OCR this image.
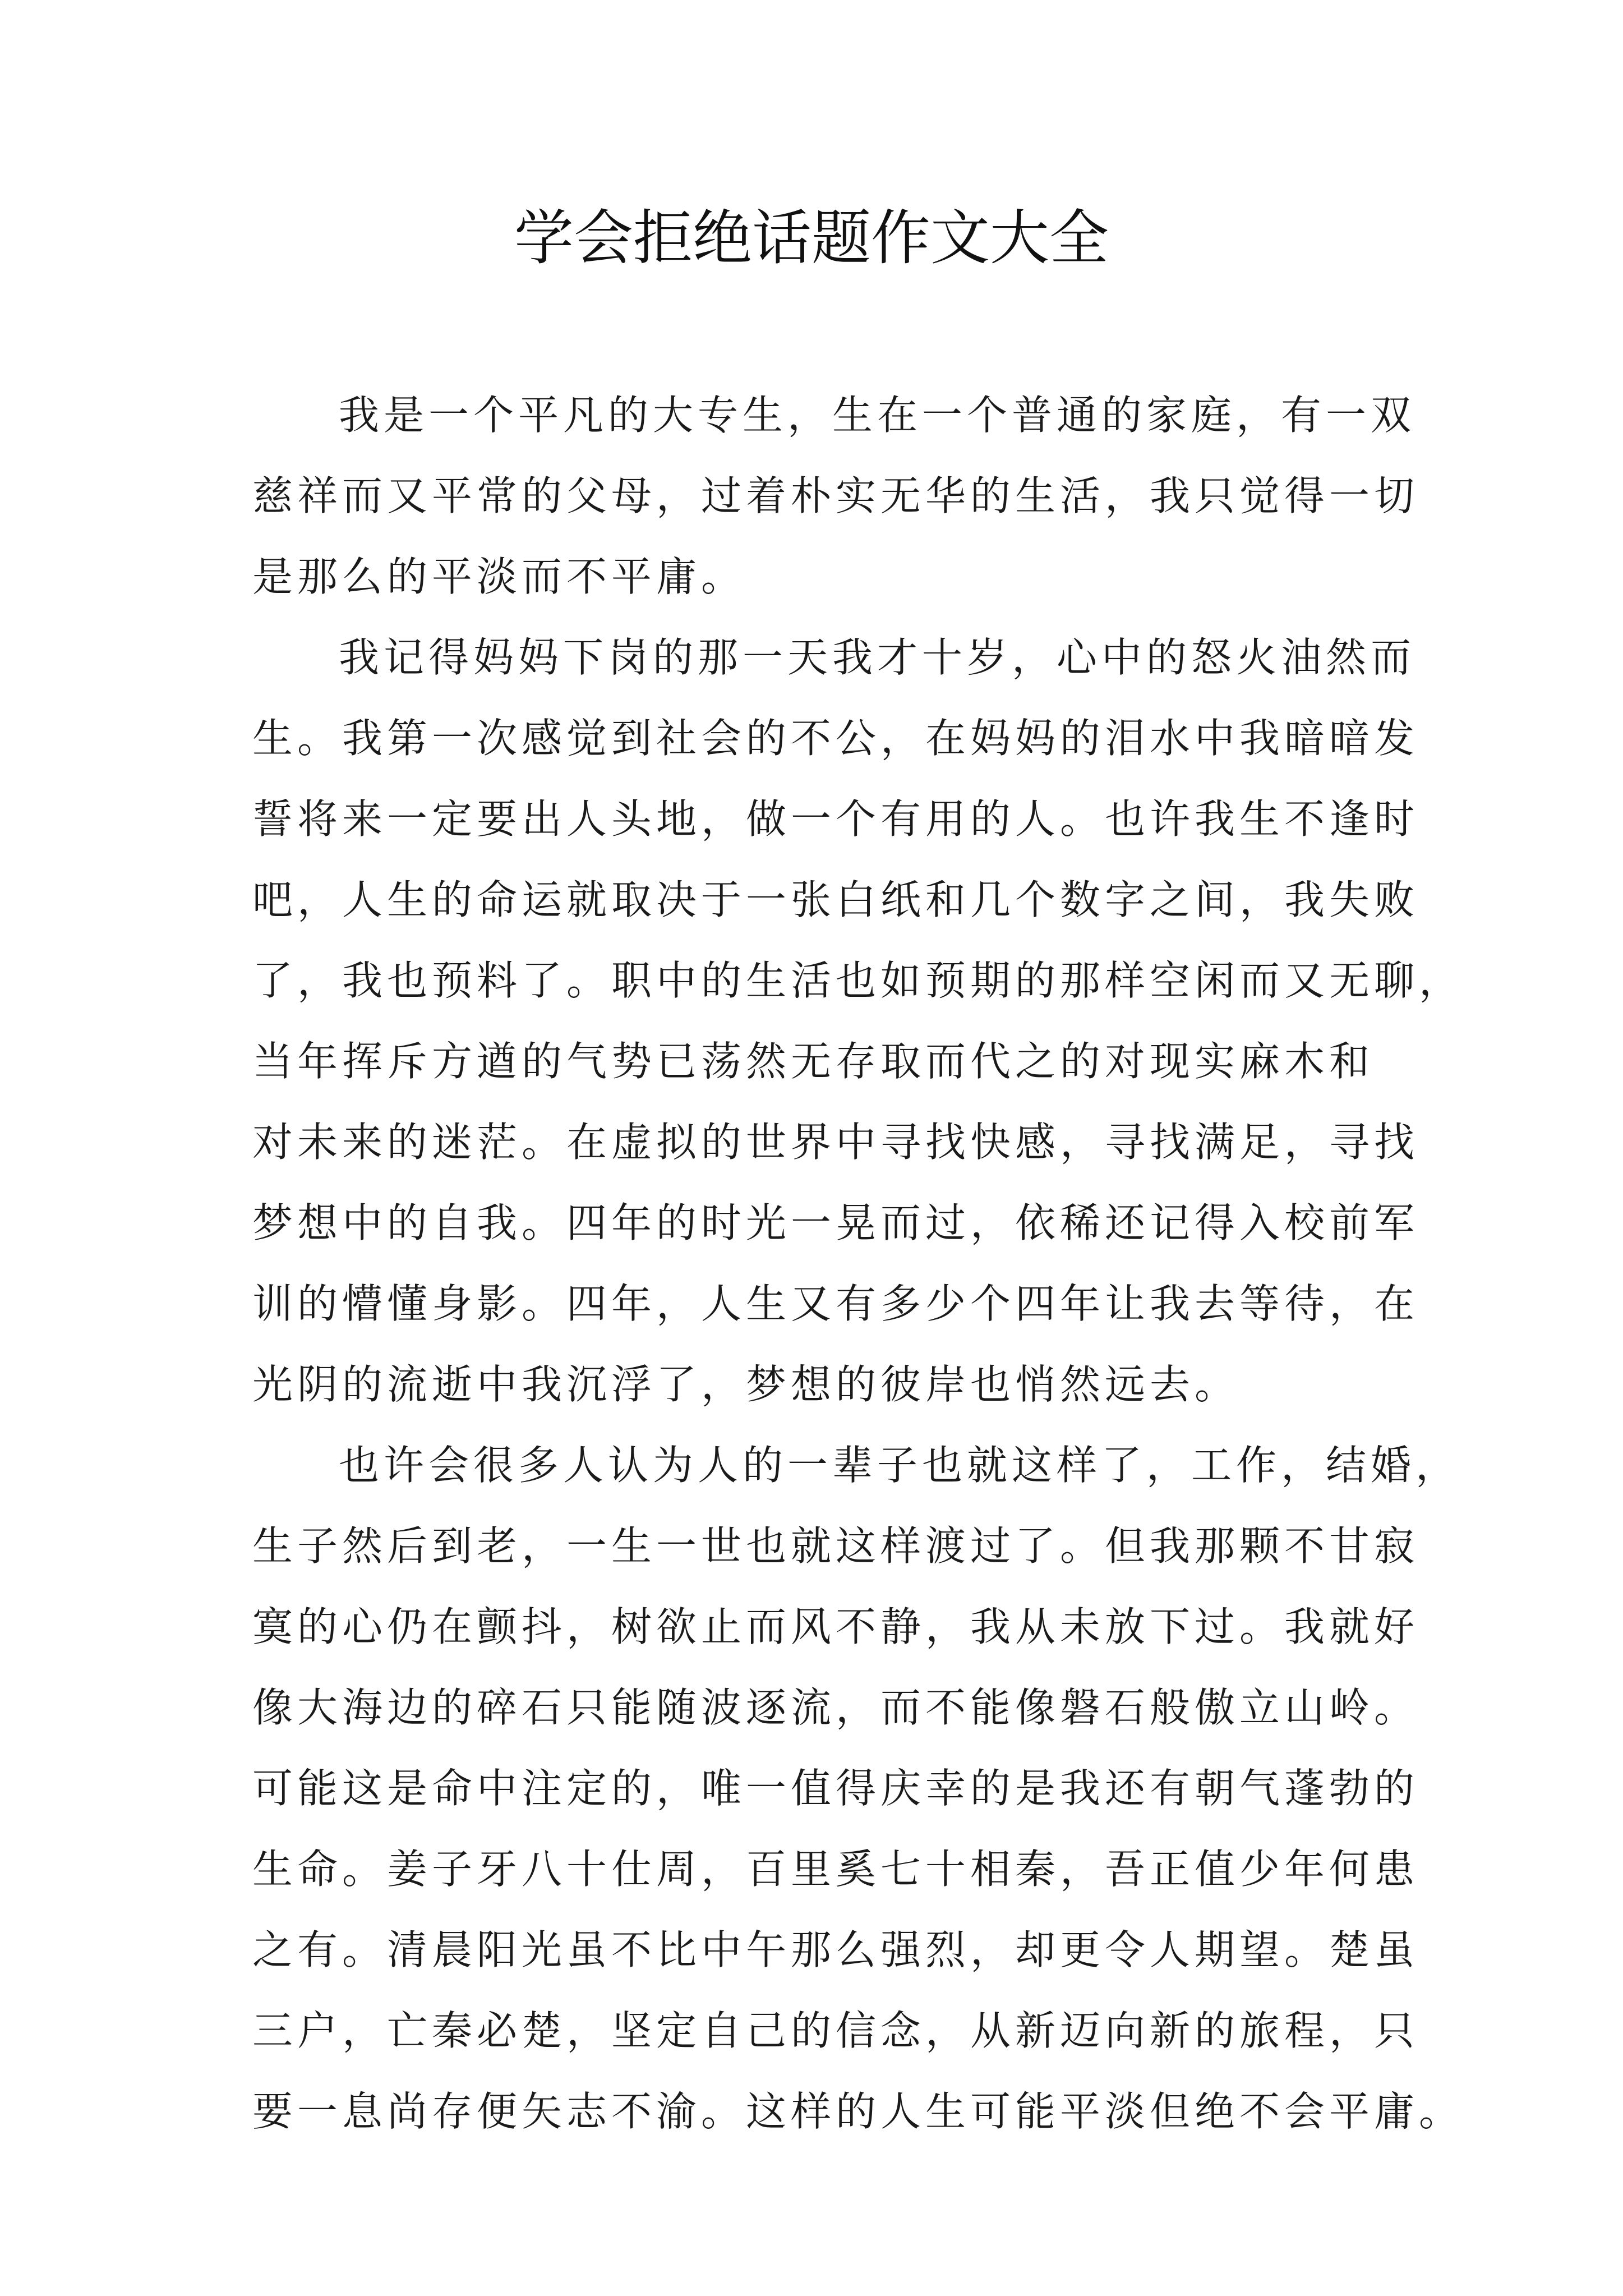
学会拒绝话题作文大全
我是一个平凡的大专生，生在一个普通的家庭，有一双
慈祥而又平常的父母，过着朴实无华的生活，我只觉得一切
是那么的平淡而不平庸。
我记得妈妈下岗的那一天我才十岁，心中的怒火油然而
生。我第一次感觉到社会的不公，在妈妈的泪水中我暗暗发
誓将来一定要出人头地，做一个有用的人。也许我生不逢时
吧，人生的命运就取决于一张白纸和几个数字之间，我失败
了，我也预料了。职中的生活也如预期的那样空闲而又无聊，
当年挥斥方遒的气势已荡然无存取而代之的对现实麻木和
对未来的迷茫。在虚拟的世界中寻找快感，寻找满足，寻找
梦想中的自我。四年的时光一晃而过，依稀还记得入校前军
训的懵懂身影。四年，人生又有多少个四年让我去等待，在
光阴的流逝中我沉浮了，梦想的彼岸也悄然远去。
也许会很多人认为人的一辈子也就这样了，工作，结婚，
生子然后到老，一生一世也就这样渡过了。但我那颗不甘寂
寞的心仍在颤抖，树欲止而风不静，我从未放下过。我就好
像大海边的碎石只能随波逐流，而不能像磐石般傲立山岭。
可能这是命中注定的，唯一值得庆幸的是我还有朝气蓬勃的
生命。姜子牙八十仕周，百里奚七十相秦，吾正值少年何患
之有。清晨阳光虽不比中午那么强烈，却更令人期望。楚虽
三户，亡秦必楚，坚定自己的信念，从新迈向新的旅程，只
要一息尚存便矢志不渝。这样的人生可能平淡但绝不会平庸。
